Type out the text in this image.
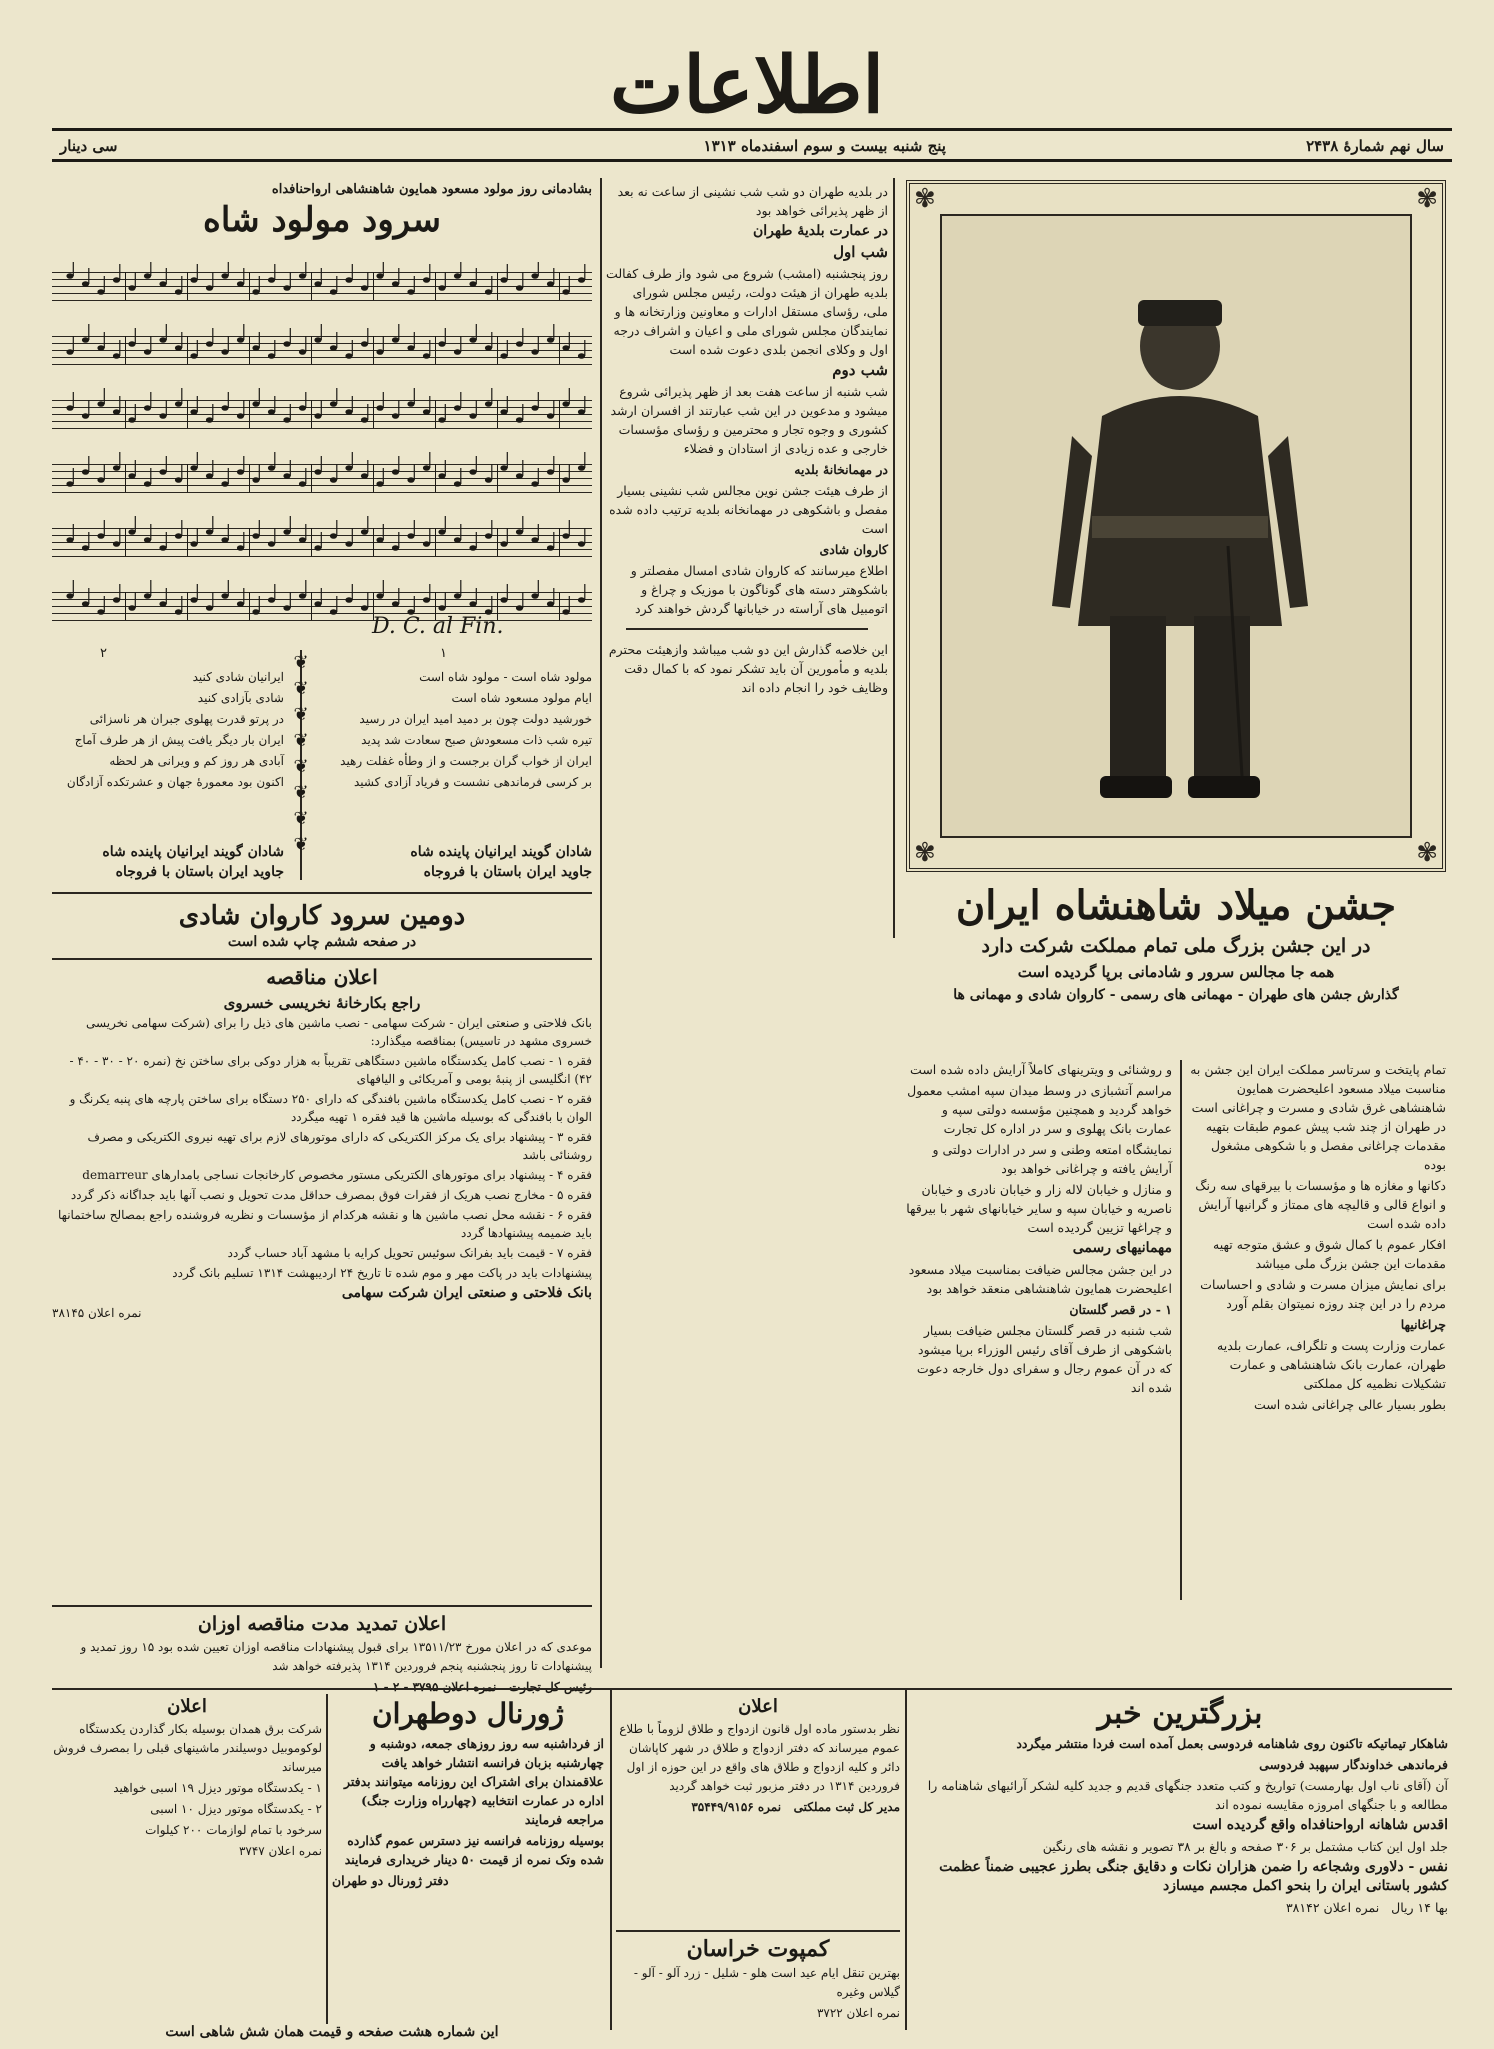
اطلاعات
سال نهم شمارهٔ ۲۴۳۸
پنج شنبه بیست و سوم اسفندماه ۱۳۱۳
سی دینار
✾	✾
✾	✾
جشن میلاد شاهنشاه ایران
در این جشن بزرگ ملی تمام مملکت شرکت دارد
همه جا مجالس سرور و شادمانی برپا گردیده است
گذارش جشن های طهران - مهمانی های رسمی - کاروان شادی و مهمانی ها

تمام پایتخت و سرتاسر مملکت ایران این جشن به مناسبت میلاد مسعود اعلیحضرت همایون شاهنشاهی غرق شادی و مسرت و چراغانی است در طهران از چند شب پیش عموم طبقات بتهیه مقدمات چراغانی مفصل و با شکوهی مشغول بوده

دکانها و مغازه ها و مؤسسات با بیرقهای سه رنگ و انواع قالی و قالیچه های ممتاز و گرانبها آرایش داده شده است

افکار عموم با کمال شوق و عشق متوجه تهیه مقدمات این جشن بزرگ ملی میباشد

برای نمایش میزان مسرت و شادی و احساسات مردم را در این چند روزه نمیتوان بقلم آورد

چراغانیها

عمارت وزارت پست و تلگراف، عمارت بلدیه طهران، عمارت بانک شاهنشاهی و عمارت تشکیلات نظمیه کل مملکتی

بطور بسیار عالی چراغانی شده است

و روشنائی و ویترینهای کاملاً آرایش داده شده است

مراسم آتشبازی در وسط میدان سپه امشب معمول خواهد گردید و همچنین مؤسسه دولتی سپه و عمارت بانک پهلوی و سر در اداره کل تجارت

نمایشگاه امتعه وطنی و سر در ادارات دولتی و آرایش یافته و چراغانی خواهد بود

و منازل و خیابان لاله زار و خیابان نادری و خیابان ناصریه و خیابان سپه و سایر خیابانهای شهر با بیرقها و چراغها تزیین گردیده است

مهمانیهای رسمی

در این جشن مجالس ضیافت بمناسبت میلاد مسعود اعلیحضرت همایون شاهنشاهی منعقد خواهد بود

۱ - در قصر گلستان

شب شنبه در قصر گلستان مجلس ضیافت بسیار باشکوهی از طرف آقای رئیس الوزراء برپا میشود که در آن عموم رجال و سفرای دول خارجه دعوت شده اند

در بلدیه طهران دو شب شب نشینی از ساعت نه بعد از ظهر پذیرائی خواهد بود

در عمارت بلدیهٔ طهران

شب اول

روز پنجشنبه (امشب) شروع می شود واز طرف کفالت بلدیه طهران از هیئت دولت، رئیس مجلس شورای ملی، رؤسای مستقل ادارات و معاونین وزارتخانه ها و نمایندگان مجلس شورای ملی و اعیان و اشراف درجه اول و وکلای انجمن بلدی دعوت شده است

شب دوم

شب شنبه از ساعت هفت بعد از ظهر پذیرائی شروع میشود و مدعوین در این شب عبارتند از افسران ارشد کشوری و وجوه تجار و محترمین و رؤسای مؤسسات خارجی و عده زیادی از استادان و فضلاء

در مهمانخانهٔ بلدیه

از طرف هیئت جشن نوین مجالس شب نشینی بسیار مفصل و باشکوهی در مهمانخانه بلدیه ترتیب داده شده است

کاروان شادی

اطلاع میرسانند که کاروان شادی امسال مفصلتر و باشکوهتر دسته های گوناگون با موزیک و چراغ و اتومبیل های آراسته در خیابانها گردش خواهند کرد

این خلاصه گذارش این دو شب میباشد وازهیئت محترم بلدیه و مأمورین آن باید تشکر نمود که با کمال دقت وظایف خود را انجام داده اند

بشادمانی روز مولود مسعود همایون شاهنشاهی ارواحنافداه
سرود مولود شاه
D. C. al Fin.
۲	۱
❦
❦
❦
❦
❦
❦
❦
❦

مولود شاه است - مولود شاه است

ایام مولود مسعود شاه است

خورشید دولت چون بر دمید امید ایران در رسید

تیره شب ذات مسعودش صبح سعادت شد پدید

ایران از خواب گران برجست و از وطأه غفلت رهید

بر کرسی فرماندهی نشست و فریاد آزادی کشید

ایرانیان شادی کنید

شادی بآزادی کنید

در پرتو قدرت پهلوی جبران هر ناسزائی

ایران بار دیگر یافت پیش از هر طرف آماج

آبادی هر روز کم و ویرانی هر لحظه

اکنون بود معمورهٔ جهان و عشرتکده آزادگان

شادان گویند ایرانیان پاینده شاه
جاوید ایران باستان با فروجاه
شادان گویند ایرانیان پاینده شاه
جاوید ایران باستان با فروجاه
دومین سرود کاروان شادی
در صفحه ششم چاپ شده است
اعلان مناقصه
راجع بکارخانهٔ نخریسی خسروی

بانک فلاحتی و صنعتی ایران - شرکت سهامی - نصب ماشین های ذیل را برای (شرکت سهامی نخریسی خسروی مشهد در تاسیس) بمناقصه میگذارد:

فقره ۱ - نصب کامل یکدستگاه ماشین دستگاهی تقریباً به هزار دوکی برای ساختن نخ (نمره ۲۰ - ۳۰ - ۴۰ - ۴۲) انگلیسی از پنبهٔ بومی و آمریکائی و الیافهای

فقره ۲ - نصب کامل یکدستگاه ماشین بافندگی که دارای ۲۵۰ دستگاه برای ساختن پارچه های پنبه یکرنگ و الوان با بافندگی که بوسیله ماشین ها قید فقره ۱ تهیه میگردد

فقره ۳ - پیشنهاد برای یک مرکز الکتریکی که دارای موتورهای لازم برای تهیه نیروی الکتریکی و مصرف روشنائی باشد

فقره ۴ - پیشنهاد برای موتورهای الکتریکی مستور مخصوص کارخانجات نساجی بامدارهای demarreur

فقره ۵ - مخارج نصب هریک از فقرات فوق بمصرف حداقل مدت تحویل و نصب آنها باید جداگانه ذکر گردد

فقره ۶ - نقشه محل نصب ماشین ها و نقشه هرکدام از مؤسسات و نظریه فروشنده راجع بمصالح ساختمانها باید ضمیمه پیشنهادها گردد

فقره ۷ - قیمت باید بفرانک سوئیس تحویل کرایه با مشهد آباد حساب گردد

پیشنهادات باید در پاکت مهر و موم شده تا تاریخ ۲۴ اردیبهشت ۱۳۱۴ تسلیم بانک گردد

بانک فلاحتی و صنعتی ایران شرکت سهامی

نمره اعلان ۳۸۱۴۵

اعلان تمدید مدت مناقصه اوزان

موعدی که در اعلان مورخ ۱۳۵۱۱/۲۳ برای قبول پیشنهادات مناقصه اوزان تعیین شده بود ۱۵ روز تمدید و پیشنهادات تا روز پنجشنبه پنجم فروردین ۱۳۱۴ پذیرفته خواهد شد

رئیس کل تجارت   نمره اعلان ۳۷۹۵ - ۲ - ۱

اعلان

شرکت برق همدان بوسیله بکار گذاردن یکدستگاه لوکوموبیل دوسیلندر ماشینهای قبلی را بمصرف فروش میرساند

۱ - یکدستگاه موتور دیزل ۱۹ اسبی خواهید

۲ - یکدستگاه موتور دیزل ۱۰ اسبی

سرخود با تمام لوازمات ۲۰۰ کیلوات

نمره اعلان ۳۷۴۷

ژورنال دوطهران

از فرداشنبه سه روز روزهای جمعه، دوشنبه و چهارشنبه بزبان فرانسه انتشار خواهد یافت علاقمندان برای اشتراک این روزنامه میتوانند بدفتر اداره در عمارت انتخابیه (چهارراه وزارت جنگ) مراجعه فرمایند

بوسیله روزنامه فرانسه نیز دسترس عموم گذارده شده وتک نمره از قیمت ۵۰ دینار خریداری فرمایند

دفتر ژورنال دو طهران

اعلان

نظر بدستور ماده اول قانون ازدواج و طلاق لزوماً با طلاع عموم میرساند که دفتر ازدواج و طلاق در شهر کاپاشان دائر و کلیه ازدواج و طلاق های واقع در این حوزه از اول فروردین ۱۳۱۴ در دفتر مزبور ثبت خواهد گردید

مدیر کل ثبت مملکتی   نمره ۳۵۴۴۹/۹۱۵۶

کمپوت خراسان

بهترین تنقل ایام عید است هلو - شلیل - زرد آلو - آلو - گیلاس وغیره

نمره اعلان ۳۷۲۲

بزرگترین خبر

شاهکار تیماتیکه تاکنون روی شاهنامه فردوسی بعمل آمده است فردا منتشر میگردد

فرماندهی خداوندگار سپهبد فردوسی

آن (آقای ناب اول بهارمست) تواریخ و کتب متعدد جنگهای قدیم و جدید کلیه لشکر آرائیهای شاهنامه را مطالعه و با جنگهای امروزه مقایسه نموده اند

اقدس شاهانه ارواحنافداه واقع گردیده است

جلد اول این کتاب مشتمل بر ۳۰۶ صفحه و بالغ بر ۳۸ تصویر و نقشه های رنگین

نفس - دلاوری وشجاعه را ضمن هزاران نکات و دقایق جنگی بطرز عجیبی ضمناً عظمت کشور باستانی ایران را بنحو اکمل مجسم میسازد

بها ۱۴ ریال   نمره اعلان ۳۸۱۴۲

این شماره هشت صفحه و قیمت همان شش شاهی است
